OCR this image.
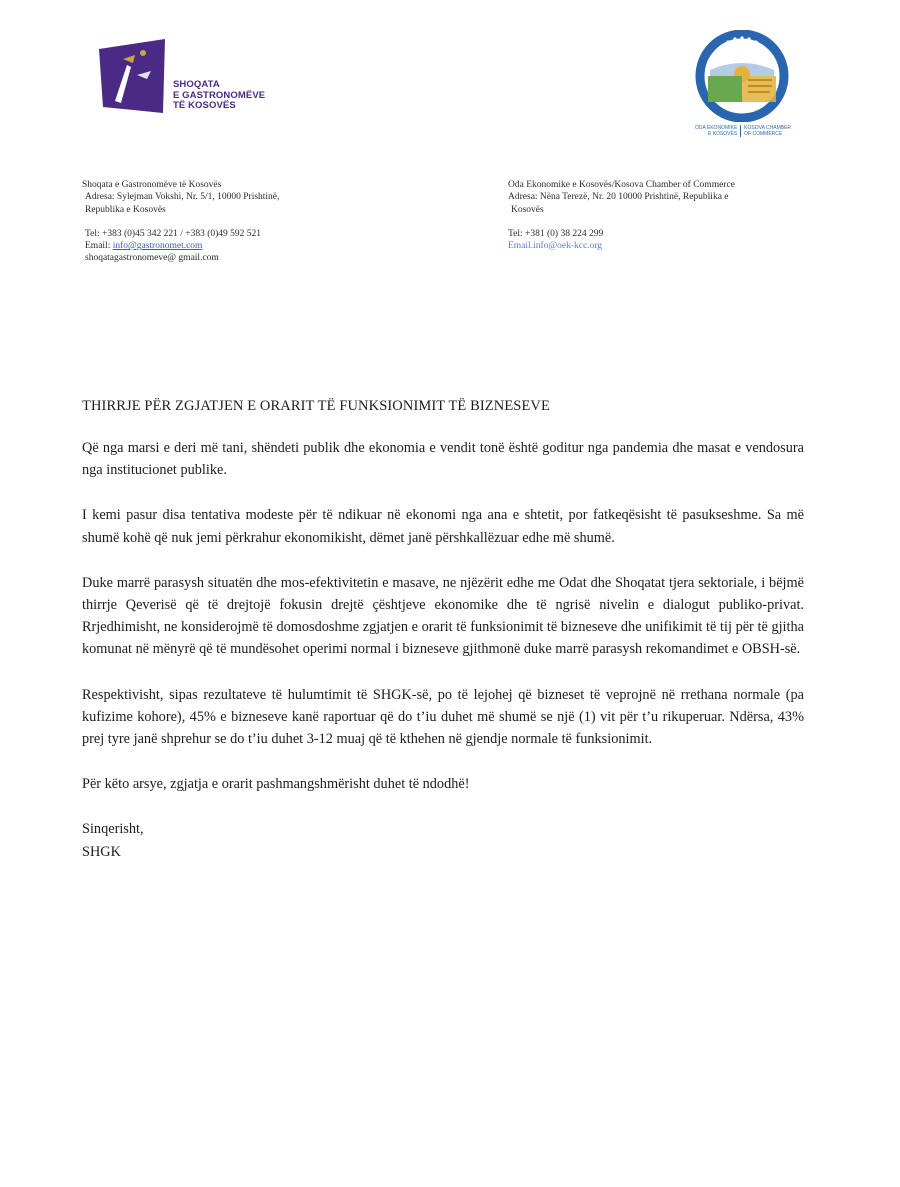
SHOQATA
E GASTRONOMËVE
TË KOSOVËS
ODA EKONOMIKE
E KOSOVËS
KOSOVA CHAMBER
OF COMMERCE
Shoqata e Gastronomëve të Kosovës
Adresa: Sylejman Vokshi, Nr. 5/1, 10000 Prishtinë,
Republika e Kosovës
Tel: +383 (0)45 342 221 / +383 (0)49 592 521
Email: info@gastronomet.com
shoqatagastronomeve@ gmail.com
Oda Ekonomike e Kosovës/Kosova Chamber of Commerce
Adresa: Nëna Terezë, Nr. 20 10000 Prishtinë, Republika e
Kosovës
Tel: +381 (0) 38 224 299
Email.info@oek-kcc.org
THIRRJE PËR ZGJATJEN E ORARIT TË FUNKSIONIMIT TË BIZNESEVE

Që nga marsi e deri më tani, shëndeti publik dhe ekonomia e vendit tonë është goditur nga pandemia dhe masat e vendosura nga institucionet publike.

I kemi pasur disa tentativa modeste për të ndikuar në ekonomi nga ana e shtetit, por fatkeqësisht të pasukseshme. Sa më shumë kohë që nuk jemi përkrahur ekonomikisht, dëmet janë përshkallëzuar edhe më shumë.

Duke marrë parasysh situatën dhe mos-efektivitetin e masave, ne njëzërit edhe me Odat dhe Shoqatat tjera sektoriale, i bëjmë thirrje Qeverisë që të drejtojë fokusin drejtë çështjeve ekonomike dhe të ngrisë nivelin e dialogut publiko-privat. Rrjedhimisht, ne konsiderojmë të domosdoshme zgjatjen e orarit të funksionimit të bizneseve dhe unifikimit të tij për të gjitha komunat në mënyrë që të mundësohet operimi normal i bizneseve gjithmonë duke marrë parasysh rekomandimet e OBSH-së.

Respektivisht, sipas rezultateve të hulumtimit të SHGK-së, po të lejohej që bizneset të veprojnë në rrethana normale (pa kufizime kohore), 45% e bizneseve kanë raportuar që do t’iu duhet më shumë se një (1) vit për t’u rikuperuar. Ndërsa, 43% prej tyre janë shprehur se do t’iu duhet 3-12 muaj që të kthehen në gjendje normale të funksionimit.

Për këto arsye, zgjatja e orarit pashmangshmërisht duhet të ndodhë!

Sinqerisht,
SHGK
